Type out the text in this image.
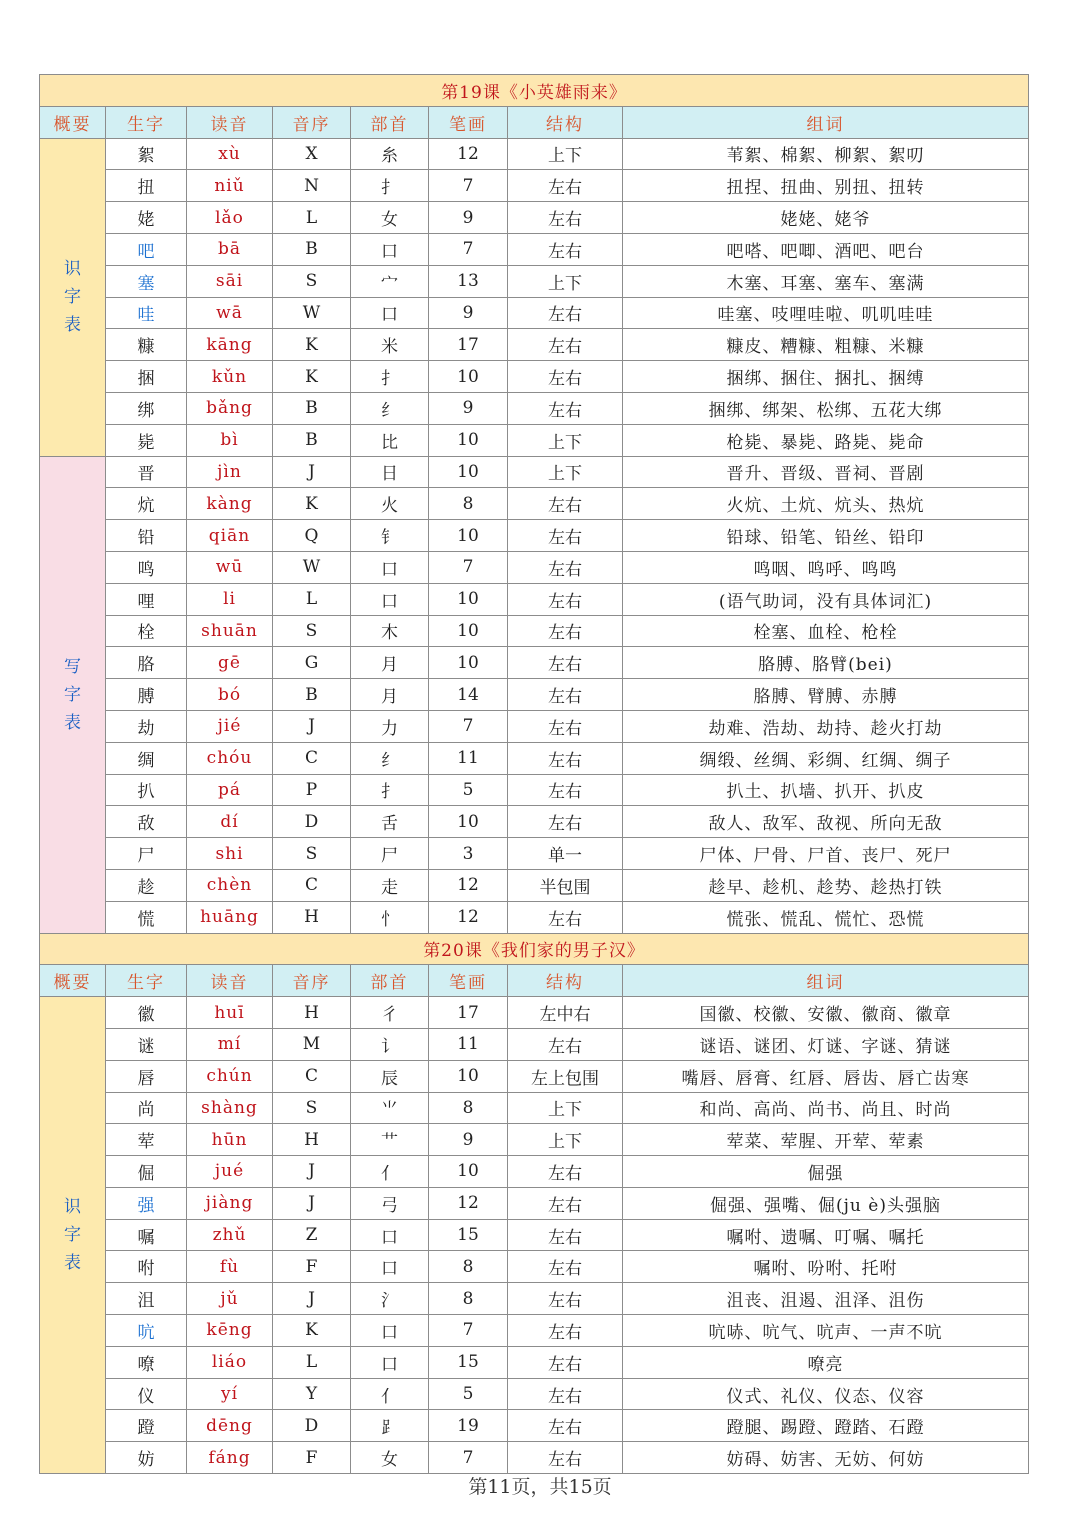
第19课《小英雄雨来》							
概要	生字	读音	音序	部首	笔画	结构	组词

识
字
表	絮	xù	X	糸	12	上下	苇絮、棉絮、柳絮、絮叨
	扭	niǔ	N	扌	7	左右	扭捏、扭曲、别扭、扭转
	姥	lǎo	L	女	9	左右	姥姥、姥爷
	吧	bā	B	口	7	左右	吧嗒、吧唧、酒吧、吧台
	塞	sāi	S	宀	13	上下	木塞、耳塞、塞车、塞满
	哇	wā	W	口	9	左右	哇塞、吱哩哇啦、叽叽哇哇
	糠	kāng	K	米	17	左右	糠皮、糟糠、粗糠、米糠
	捆	kǔn	K	扌	10	左右	捆绑、捆住、捆扎、捆缚
	绑	bǎng	B	纟	9	左右	捆绑、绑架、松绑、五花大绑
	毙	bì	B	比	10	上下	枪毙、暴毙、路毙、毙命

写
字
表	晋	jìn	J	日	10	上下	晋升、晋级、晋祠、晋剧
	炕	kàng	K	火	8	左右	火炕、土炕、炕头、热炕
	铅	qiān	Q	钅	10	左右	铅球、铅笔、铅丝、铅印
	鸣	wū	W	口	7	左右	鸣咽、鸣呼、鸣鸣
	哩	li	L	口	10	左右	(语气助词，没有具体词汇)
	栓	shuān	S	木	10	左右	栓塞、血栓、枪栓
	胳	gē	G	月	10	左右	胳膊、胳臂(bei)
	膊	bó	B	月	14	左右	胳膊、臂膊、赤膊
	劫	jié	J	力	7	左右	劫难、浩劫、劫持、趁火打劫
	绸	chóu	C	纟	11	左右	绸缎、丝绸、彩绸、红绸、绸子
	扒	pá	P	扌	5	左右	扒土、扒墙、扒开、扒皮
	敌	dí	D	舌	10	左右	敌人、敌军、敌视、所向无敌
	尸	shi	S	尸	3	单一	尸体、尸骨、尸首、丧尸、死尸
	趁	chèn	C	走	12	半包围	趁早、趁机、趁势、趁热打铁
	慌	huāng	H	忄	12	左右	慌张、慌乱、慌忙、恐慌
第20课《我们家的男子汉》							
概要	生字	读音	音序	部首	笔画	结构	组词

识
字
表	徽	huī	H	彳	17	左中右	国徽、校徽、安徽、徽商、徽章
	谜	mí	M	讠	11	左右	谜语、谜团、灯谜、字谜、猜谜
	唇	chún	C	辰	10	左上包围	嘴唇、唇膏、红唇、唇齿、唇亡齿寒
	尚	shàng	S	⺌	8	上下	和尚、高尚、尚书、尚且、时尚
	荤	hūn	H	艹	9	上下	荤菜、荤腥、开荤、荤素
	倔	jué	J	亻	10	左右	倔强
	强	jiàng	J	弓	12	左右	倔强、强嘴、倔(ju è)头强脑
	嘱	zhǔ	Z	口	15	左右	嘱咐、遗嘱、叮嘱、嘱托
	咐	fù	F	口	8	左右	嘱咐、吩咐、托咐
	沮	jǔ	J	氵	8	左右	沮丧、沮遏、沮泽、沮伤
	吭	kēng	K	口	7	左右	吭哧、吭气、吭声、一声不吭
	嘹	liáo	L	口	15	左右	嘹亮
	仪	yí	Y	亻	5	左右	仪式、礼仪、仪态、仪容
	蹬	dēng	D	⻊	19	左右	蹬腿、踢蹬、蹬踏、石蹬
	妨	fáng	F	女	7	左右	妨碍、妨害、无妨、何妨
第11页，共15页
